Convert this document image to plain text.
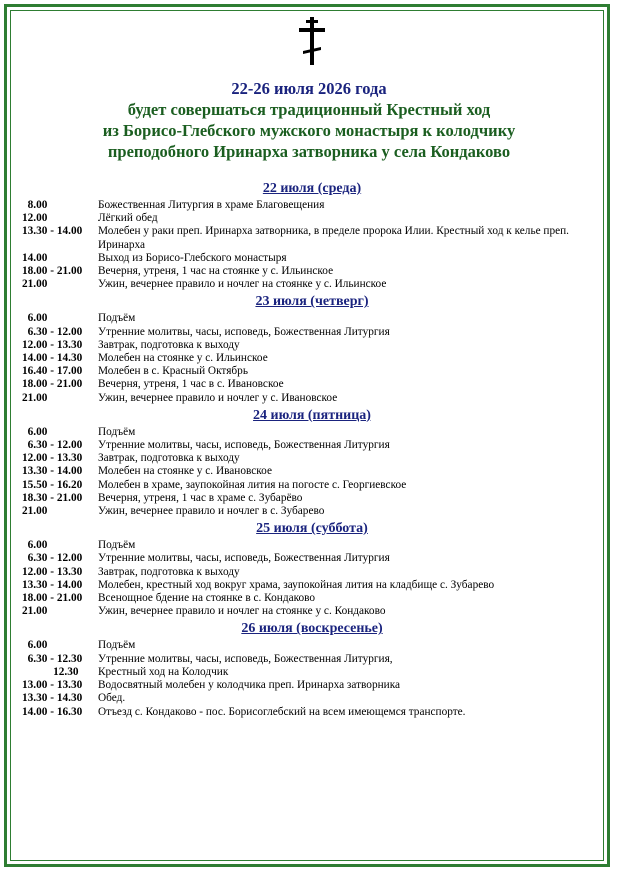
22-26 июля 2026 года
будет совершаться традиционный Крестный ход
из Борисо-Глебского мужского монастыря к колодчику
преподобного Иринарха затворника у села Кондаково
22 июля (среда)
8.00	Божественная Литургия в храме Благовещения
12.00	Лёгкий обед
13.30 - 14.00	Молебен у раки преп. Иринарха затворника, в пределе пророка Илии. Крестный ход к келье преп. Иринарха
14.00	Выход из Борисо-Глебского монастыря
18.00 - 21.00	Вечерня, утреня, 1 час на стоянке у с. Ильинское
21.00	Ужин, вечернее правило и ночлег на стоянке у с. Ильинское
23 июля (четверг)
6.00	Подъём
6.30 - 12.00	Утренние молитвы, часы, исповедь, Божественная Литургия
12.00 - 13.30	Завтрак, подготовка к выходу
14.00 - 14.30	Молебен на стоянке у с. Ильинское
16.40 - 17.00	Молебен в с. Красный Октябрь
18.00 - 21.00	Вечерня, утреня, 1 час в с. Ивановское
21.00	Ужин, вечернее правило и ночлег у с. Ивановское
24 июля (пятница)
6.00	Подъём
6.30 - 12.00	Утренние молитвы, часы, исповедь, Божественная Литургия
12.00 - 13.30	Завтрак, подготовка к выходу
13.30 - 14.00	Молебен на стоянке у с. Ивановское
15.50 - 16.20	Молебен в храме, заупокойная лития на погосте с. Георгиевское
18.30 - 21.00	Вечерня, утреня, 1 час в храме с. Зубарёво
21.00	Ужин, вечернее правило и ночлег в с. Зубарево
25 июля (суббота)
6.00	Подъём
6.30 - 12.00	Утренние молитвы, часы, исповедь, Божественная Литургия
12.00 - 13.30	Завтрак, подготовка к выходу
13.30 - 14.00	Молебен, крестный ход вокруг храма, заупокойная лития на кладбище с. Зубарево
18.00 - 21.00	Всенощное бдение на стоянке в с. Кондаково
21.00	Ужин, вечернее правило и ночлег на стоянке у с. Кондаково
26 июля (воскресенье)
6.00	Подъём
6.30 - 12.30	Утренние молитвы, часы, исповедь, Божественная Литургия,
12.30	Крестный ход на Колодчик
13.00 - 13.30	Водосвятный молебен у колодчика преп. Иринарха затворника
13.30 - 14.30	Обед.
14.00 - 16.30	Отъезд с. Кондаково - пос. Борисоглебский на всем имеющемся транспорте.
